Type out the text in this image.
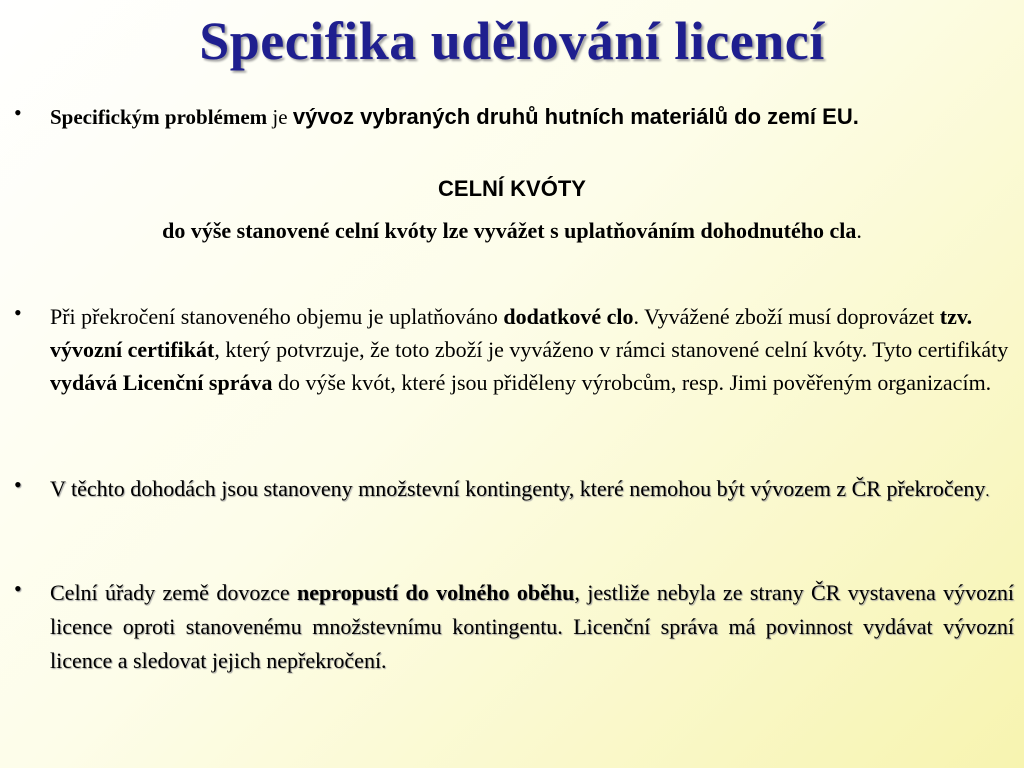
Specifika udělování licencí
• Specifickým problémem je vývoz vybraných druhů hutních materiálů do zemí EU.
CELNÍ KVÓTY
do výše stanovené celní kvóty lze vyvážet s uplatňováním dohodnutého cla.
• Při překročení stanoveného objemu je uplatňováno dodatkové clo. Vyvážené zboží musí doprovázet tzv. vývozní certifikát, který potvrzuje, že toto zboží je vyváženo v rámci stanovené celní kvóty. Tyto certifikáty vydává Licenční správa do výše kvót, které jsou přiděleny výrobcům, resp. Jimi pověřeným organizacím.
• V těchto dohodách jsou stanoveny množstevní kontingenty, které nemohou být vývozem z ČR překročeny.
• Celní úřady země dovozce nepropustí do volného oběhu, jestliže nebyla ze strany ČR vystavena vývozní licence oproti stanovenému množstevnímu kontingentu. Licenční správa má povinnost vydávat vývozní licence a sledovat jejich nepřekročení.
